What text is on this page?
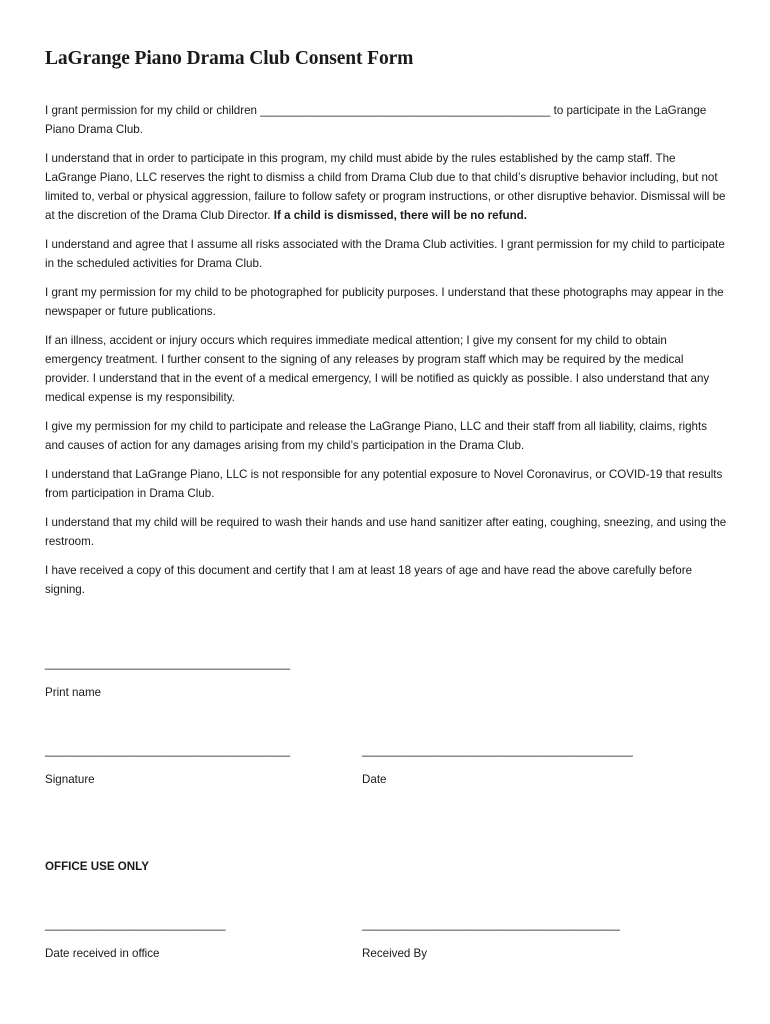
LaGrange Piano Drama Club Consent Form

I grant permission for my child or children _____________________________________________ to participate in the LaGrange Piano Drama Club.

I understand that in order to participate in this program, my child must abide by the rules established by the camp staff. The LaGrange Piano, LLC reserves the right to dismiss a child from Drama Club due to that child’s disruptive behavior including, but not limited to, verbal or physical aggression, failure to follow safety or program instructions, or other disruptive behavior. Dismissal will be at the discretion of the Drama Club Director. If a child is dismissed, there will be no refund.

I understand and agree that I assume all risks associated with the Drama Club activities. I grant permission for my child to participate in the scheduled activities for Drama Club.

I grant my permission for my child to be photographed for publicity purposes. I understand that these photographs may appear in the newspaper or future publications.

If an illness, accident or injury occurs which requires immediate medical attention; I give my consent for my child to obtain emergency treatment. I further consent to the signing of any releases by program staff which may be required by the medical provider. I understand that in the event of a medical emergency, I will be notified as quickly as possible. I also understand that any medical expense is my responsibility.

I give my permission for my child to participate and release the LaGrange Piano, LLC and their staff from all liability, claims, rights and causes of action for any damages arising from my child’s participation in the Drama Club.

I understand that LaGrange Piano, LLC is not responsible for any potential exposure to Novel Coronavirus, or COVID-19 that results from participation in Drama Club.

I understand that my child will be required to wash their hands and use hand sanitizer after eating, coughing, sneezing, and using the restroom.

I have received a copy of this document and certify that I am at least 18 years of age and have read the above carefully before signing.

______________________________________
Print name
______________________________________
Signature
__________________________________________
Date
OFFICE USE ONLY
____________________________
Date received in office
________________________________________
Received By
